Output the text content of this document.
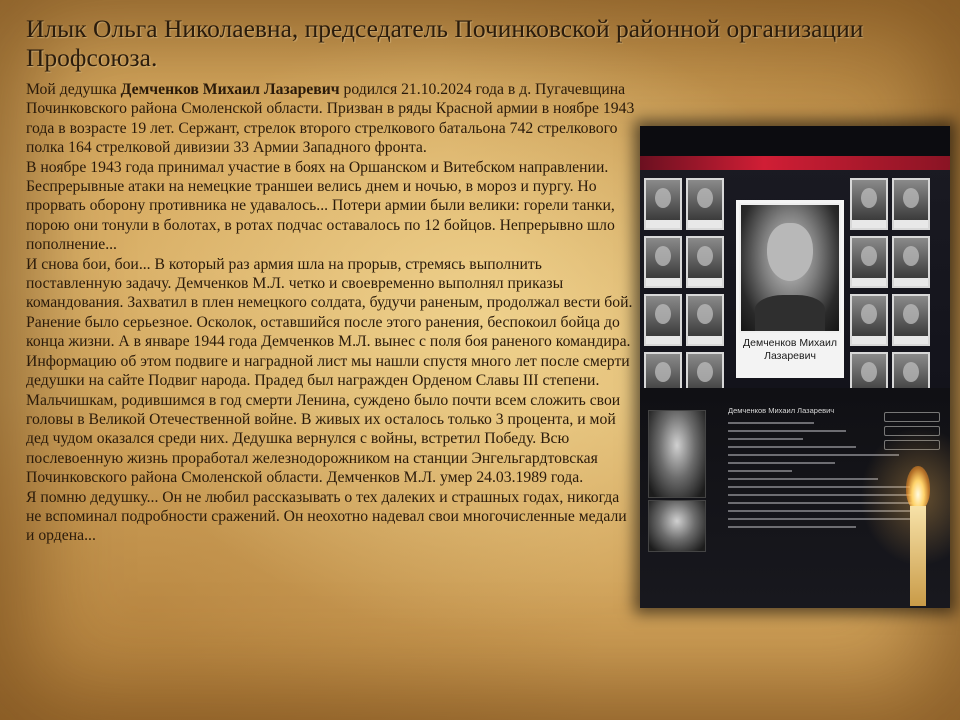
Илык Ольга Николаевна, председатель Починковской районной организации Профсоюза.

Мой дедушка Демченков Михаил Лазаревич родился 21.10.2024 года в д. Пугачевщина Починковского района Смоленской области. Призван в ряды Красной армии в ноябре 1943 года в возрасте 19 лет. Сержант, стрелок второго стрелкового батальона 742 стрелкового полка 164 стрелковой дивизии 33 Армии Западного фронта.

В ноябре 1943 года принимал участие в боях на Оршанском и Витебском направлении. Беспрерывные атаки на немецкие траншеи велись днем и ночью, в мороз и пургу. Но прорвать оборону противника не удавалось... Потери армии были велики: горели танки, порою они тонули в болотах, в ротах подчас оставалось по 12 бойцов. Непрерывно шло пополнение...

И снова бои, бои... В который раз армия шла на прорыв, стремясь выполнить поставленную задачу. Демченков М.Л. четко и своевременно выполнял приказы командования. Захватил в плен немецкого солдата, будучи раненым, продолжал вести бой. Ранение было серьезное. Осколок, оставшийся после этого ранения, беспокоил бойца до конца жизни. А в январе 1944 года Демченков М.Л. вынес с поля боя раненого командира. Информацию об этом подвиге и наградной лист мы нашли спустя много лет после смерти дедушки на сайте Подвиг народа. Прадед был награжден Орденом Славы III степени.

Мальчишкам, родившимся в год смерти Ленина, суждено было почти всем сложить свои головы в Великой Отечественной войне. В живых их осталось только 3 процента, и мой дед чудом оказался среди них. Дедушка вернулся с войны, встретил Победу. Всю послевоенную жизнь проработал железнодорожником на станции Энгельгардтовская Починковского района Смоленской области. Демченков М.Л. умер 24.03.1989 года.

Я помню дедушку... Он не любил рассказывать о тех далеких и страшных годах, никогда не вспоминал подробности сражений. Он неохотно надевал свои многочисленные медали и ордена...

Демченков Михаил
Лазаревич
Демченков Михаил Лазаревич
